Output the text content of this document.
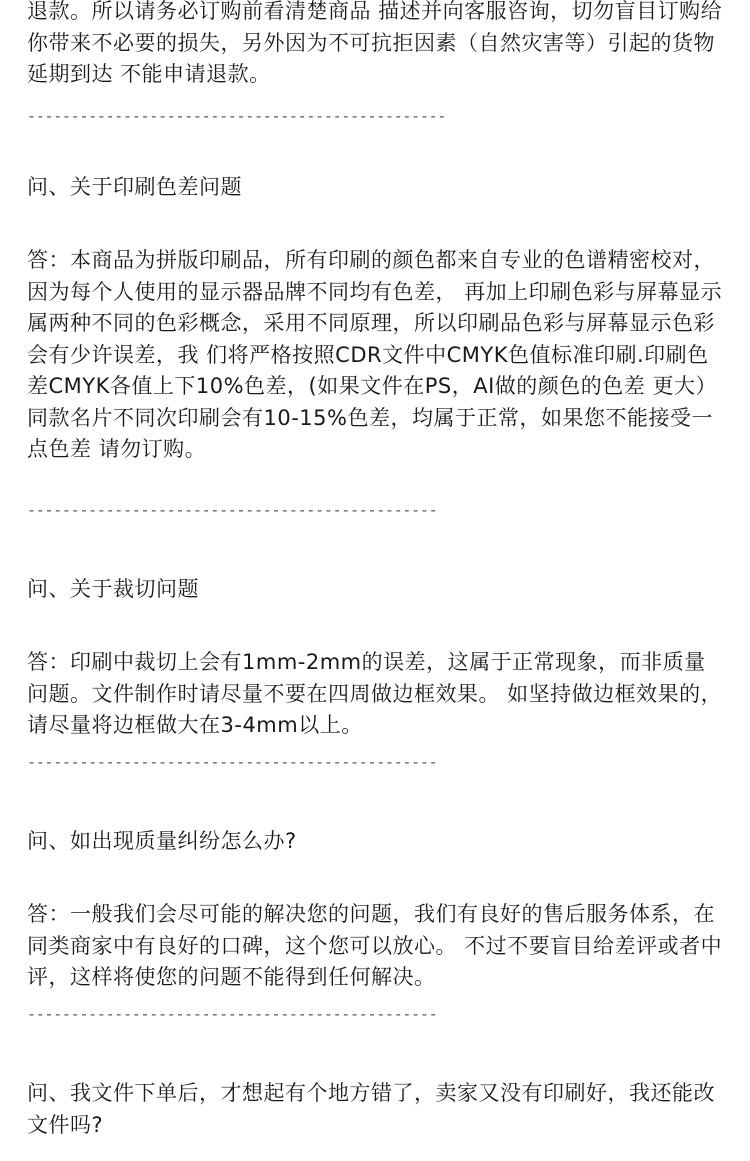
退款。所以请务必订购前看清楚商品 描述并向客服咨询，切勿盲目订购给你带来不必要的损失，另外因为不可抗拒因素（自然灾害等）引起的货物延期到达 不能申请退款。

------------------------------------------------

问、关于印刷色差问题

答：本商品为拼版印刷品，所有印刷的颜色都来自专业的色谱精密校对，因为每个人使用的显示器品牌不同均有色差， 再加上印刷色彩与屏幕显示属两种不同的色彩概念，采用不同原理，所以印刷品色彩与屏幕显示色彩会有少许误差，我 们将严格按照CDR文件中CMYK色值标准印刷.印刷色差CMYK各值上下10%色差，(如果文件在PS，AI做的颜色的色差 更大）同款名片不同次印刷会有10-15%色差，均属于正常，如果您不能接受一点色差 请勿订购。

-----------------------------------------------

问、关于裁切问题

答：印刷中裁切上会有1mm-2mm的误差，这属于正常现象，而非质量问题。文件制作时请尽量不要在四周做边框效果。 如坚持做边框效果的，请尽量将边框做大在3-4mm以上。

-----------------------------------------------

问、如出现质量纠纷怎么办?

答：一般我们会尽可能的解决您的问题，我们有良好的售后服务体系，在同类商家中有良好的口碑，这个您可以放心。 不过不要盲目给差评或者中评，这样将使您的问题不能得到任何解决。

-----------------------------------------------

问、我文件下单后，才想起有个地方错了，卖家又没有印刷好，我还能改文件吗?
